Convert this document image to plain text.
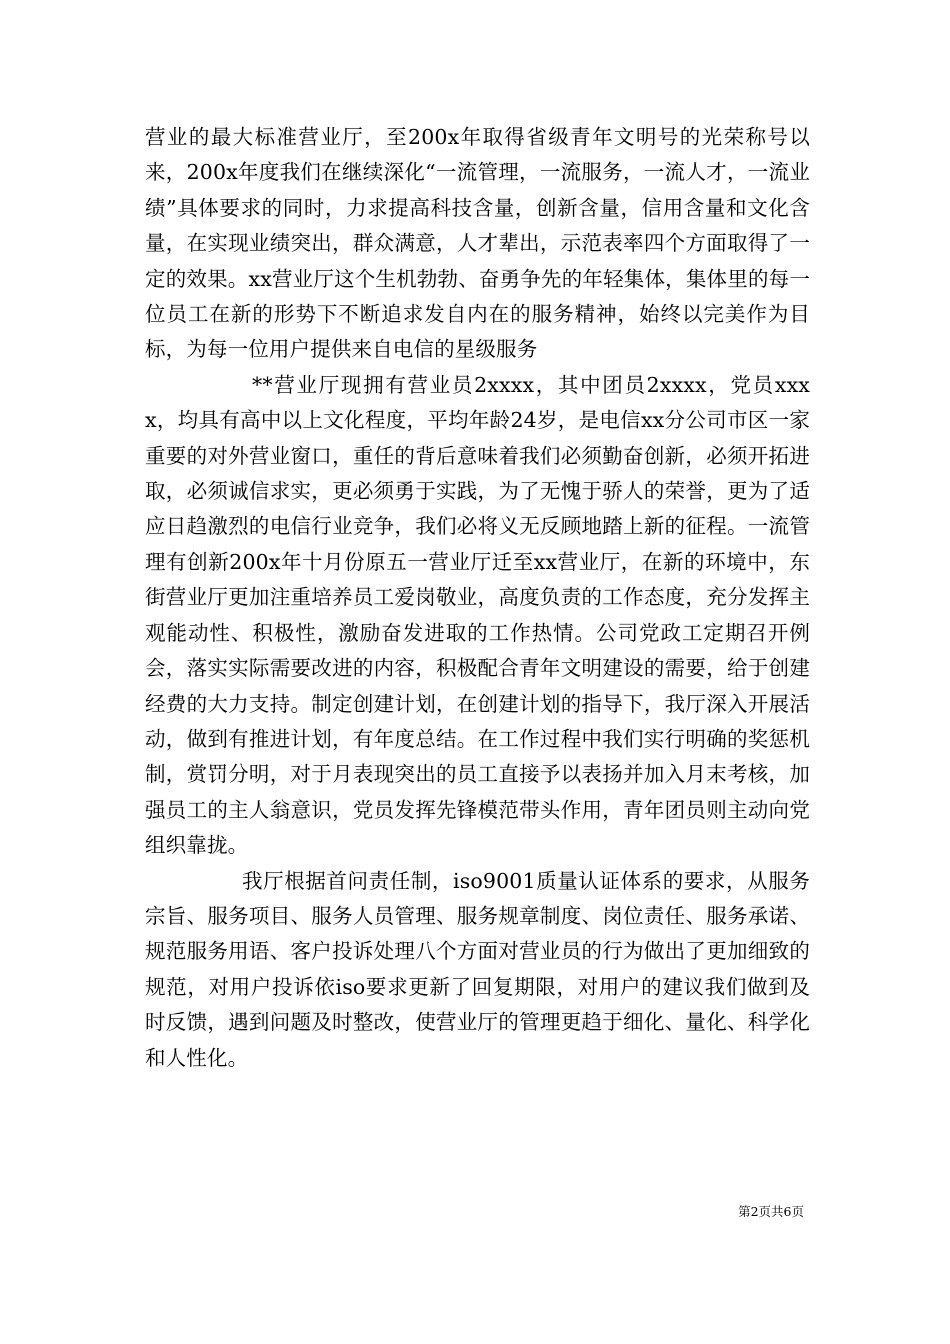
营业的最大标准营业厅，至200x年取得省级青年文明号的光荣称号以来，200x年度我们在继续深化“一流管理，一流服务，一流人才，一流业绩”具体要求的同时，力求提高科技含量，创新含量，信用含量和文化含量，在实现业绩突出，群众满意，人才辈出，示范表率四个方面取得了一定的效果。xx营业厅这个生机勃勃、奋勇争先的年轻集体，集体里的每一位员工在新的形势下不断追求发自内在的服务精神，始终以完美作为目标，为每一位用户提供来自电信的星级服务

**营业厅现拥有营业员2xxxx，其中团员2xxxx，党员xxxx，均具有高中以上文化程度，平均年龄24岁，是电信xx分公司市区一家重要的对外营业窗口，重任的背后意味着我们必须勤奋创新，必须开拓进取，必须诚信求实，更必须勇于实践，为了无愧于骄人的荣誉，更为了适应日趋激烈的电信行业竞争，我们必将义无反顾地踏上新的征程。一流管理有创新200x年十月份原五一营业厅迁至xx营业厅，在新的环境中，东街营业厅更加注重培养员工爱岗敬业，高度负责的工作态度，充分发挥主观能动性、积极性，激励奋发进取的工作热情。公司党政工定期召开例会，落实实际需要改进的内容，积极配合青年文明建设的需要，给于创建经费的大力支持。制定创建计划，在创建计划的指导下，我厅深入开展活动，做到有推进计划，有年度总结。在工作过程中我们实行明确的奖惩机制，赏罚分明，对于月表现突出的员工直接予以表扬并加入月末考核，加强员工的主人翁意识，党员发挥先锋模范带头作用，青年团员则主动向党组织靠拢。

我厅根据首问责任制，iso9001质量认证体系的要求，从服务宗旨、服务项目、服务人员管理、服务规章制度、岗位责任、服务承诺、规范服务用语、客户投诉处理八个方面对营业员的行为做出了更加细致的规范，对用户投诉依iso要求更新了回复期限，对用户的建议我们做到及时反馈，遇到问题及时整改，使营业厅的管理更趋于细化、量化、科学化和人性化。

第2页共6页
